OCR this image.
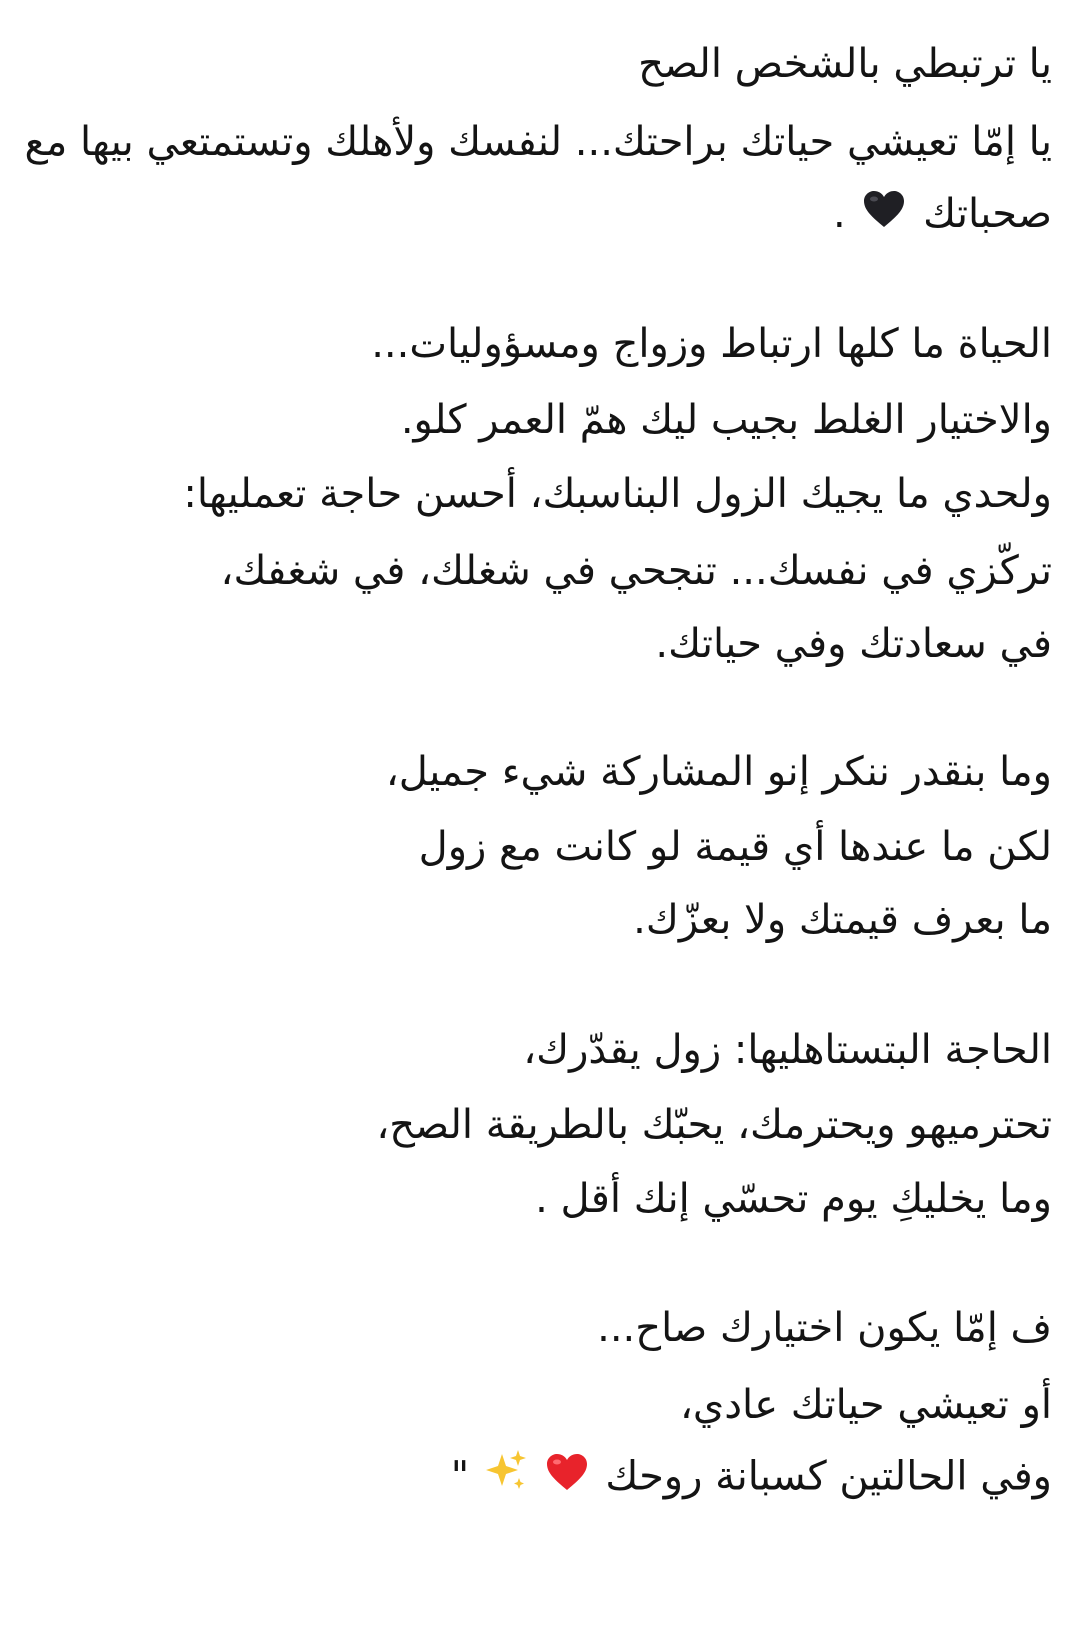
يا ترتبطي بالشخص الصح
يا إمّا تعيشي حياتك براحتك... لنفسك ولأهلك وتستمتعي بيها مع
صحباتك  .
الحياة ما كلها ارتباط وزواج ومسؤوليات...
والاختيار الغلط بجيب ليك همّ العمر كلو.
ولحدي ما يجيك الزول البناسبك، أحسن حاجة تعمليها:
تركّزي في نفسك... تنجحي في شغلك، في شغفك،
في سعادتك وفي حياتك.
وما بنقدر ننكر إنو المشاركة شيء جميل،
لكن ما عندها أي قيمة لو كانت مع زول
ما بعرف قيمتك ولا بعزّك.
الحاجة البتستاهليها: زول يقدّرك،
تحترميهو ويحترمك، يحبّك بالطريقة الصح،
وما يخليكِ يوم تحسّي إنك أقل .
ف إمّا يكون اختيارك صاح...
أو تعيشي حياتك عادي،
وفي الحالتين كسبانة روحك   "
